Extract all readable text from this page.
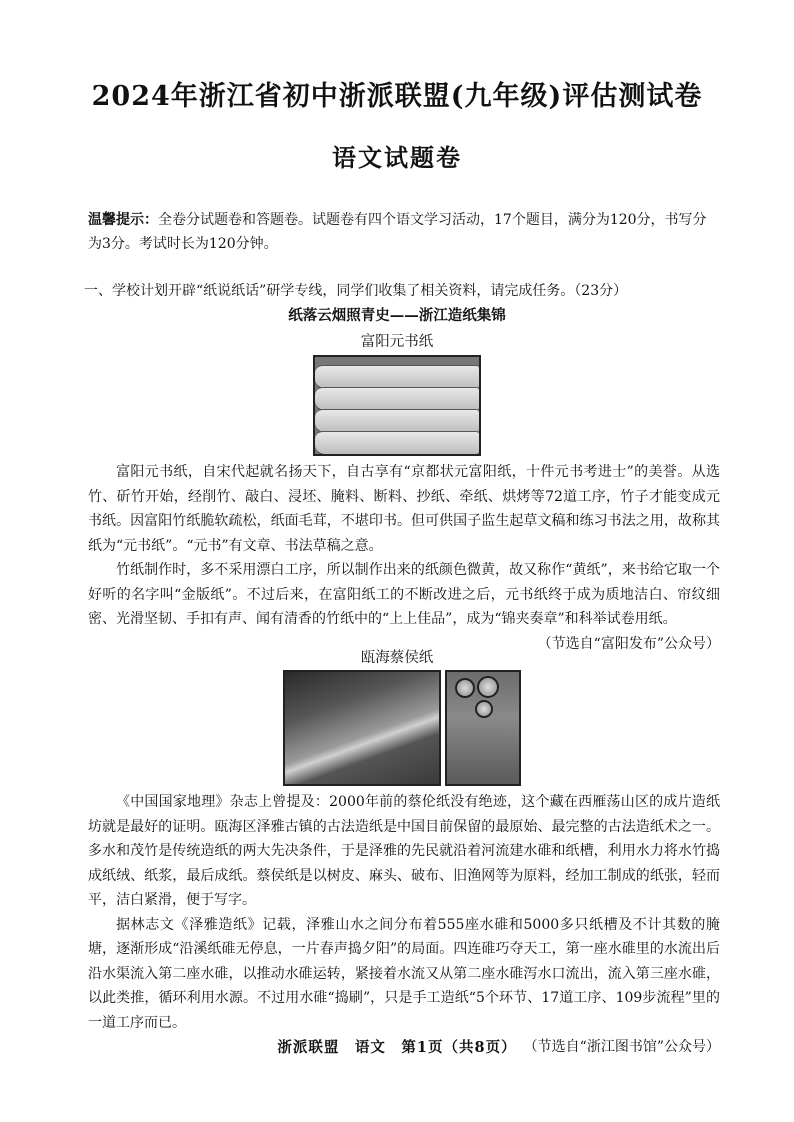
2024年浙江省初中浙派联盟(九年级)评估测试卷
语文试题卷
温馨提示：全卷分试题卷和答题卷。试题卷有四个语文学习活动，17个题目，满分为120分，书写分为3分。考试时长为120分钟。
一、学校计划开辟“纸说纸话”研学专线，同学们收集了相关资料，请完成任务。（23分）
纸落云烟照青史——浙江造纸集锦
富阳元书纸

富阳元书纸，自宋代起就名扬天下，自古享有“京都状元富阳纸，十件元书考进士”的美誉。从选竹、斫竹开始，经削竹、敲白、浸坯、腌料、断料、抄纸、牵纸、烘烤等72道工序，竹子才能变成元书纸。因富阳竹纸脆软疏松，纸面毛茸，不堪印书。但可供国子监生起草文稿和练习书法之用，故称其纸为“元书纸”。“元书”有文章、书法草稿之意。

竹纸制作时，多不采用漂白工序，所以制作出来的纸颜色微黄，故又称作“黄纸”，来书给它取一个好听的名字叫“金版纸”。不过后来，在富阳纸工的不断改进之后，元书纸终于成为质地洁白、帘纹细密、光滑坚韧、手扣有声、闻有清香的竹纸中的“上上佳品”，成为“锦夹奏章”和科举试卷用纸。

（节选自“富阳发布”公众号）
瓯海蔡侯纸

《中国国家地理》杂志上曾提及：2000年前的蔡伦纸没有绝迹，这个藏在西雁荡山区的成片造纸坊就是最好的证明。瓯海区泽雅古镇的古法造纸是中国目前保留的最原始、最完整的古法造纸术之一。多水和茂竹是传统造纸的两大先决条件，于是泽雅的先民就沿着河流建水碓和纸槽，利用水力将水竹捣成纸绒、纸浆，最后成纸。蔡侯纸是以树皮、麻头、破布、旧渔网等为原料，经加工制成的纸张，轻而平，洁白紧滑，便于写字。

据林志文《泽雅造纸》记载，泽雅山水之间分布着555座水碓和5000多只纸槽及不计其数的腌塘，逐渐形成“沿溪纸碓无停息，一片春声捣夕阳”的局面。四连碓巧夺天工，第一座水碓里的水流出后沿水渠流入第二座水碓，以推动水碓运转，紧接着水流又从第二座水碓泻水口流出，流入第三座水碓，以此类推，循环利用水源。不过用水碓“捣刷”，只是手工造纸“5个环节、17道工序、109步流程”里的一道工序而已。

（节选自“浙江图书馆”公众号）
浙派联盟　语文　第1页（共8页）
